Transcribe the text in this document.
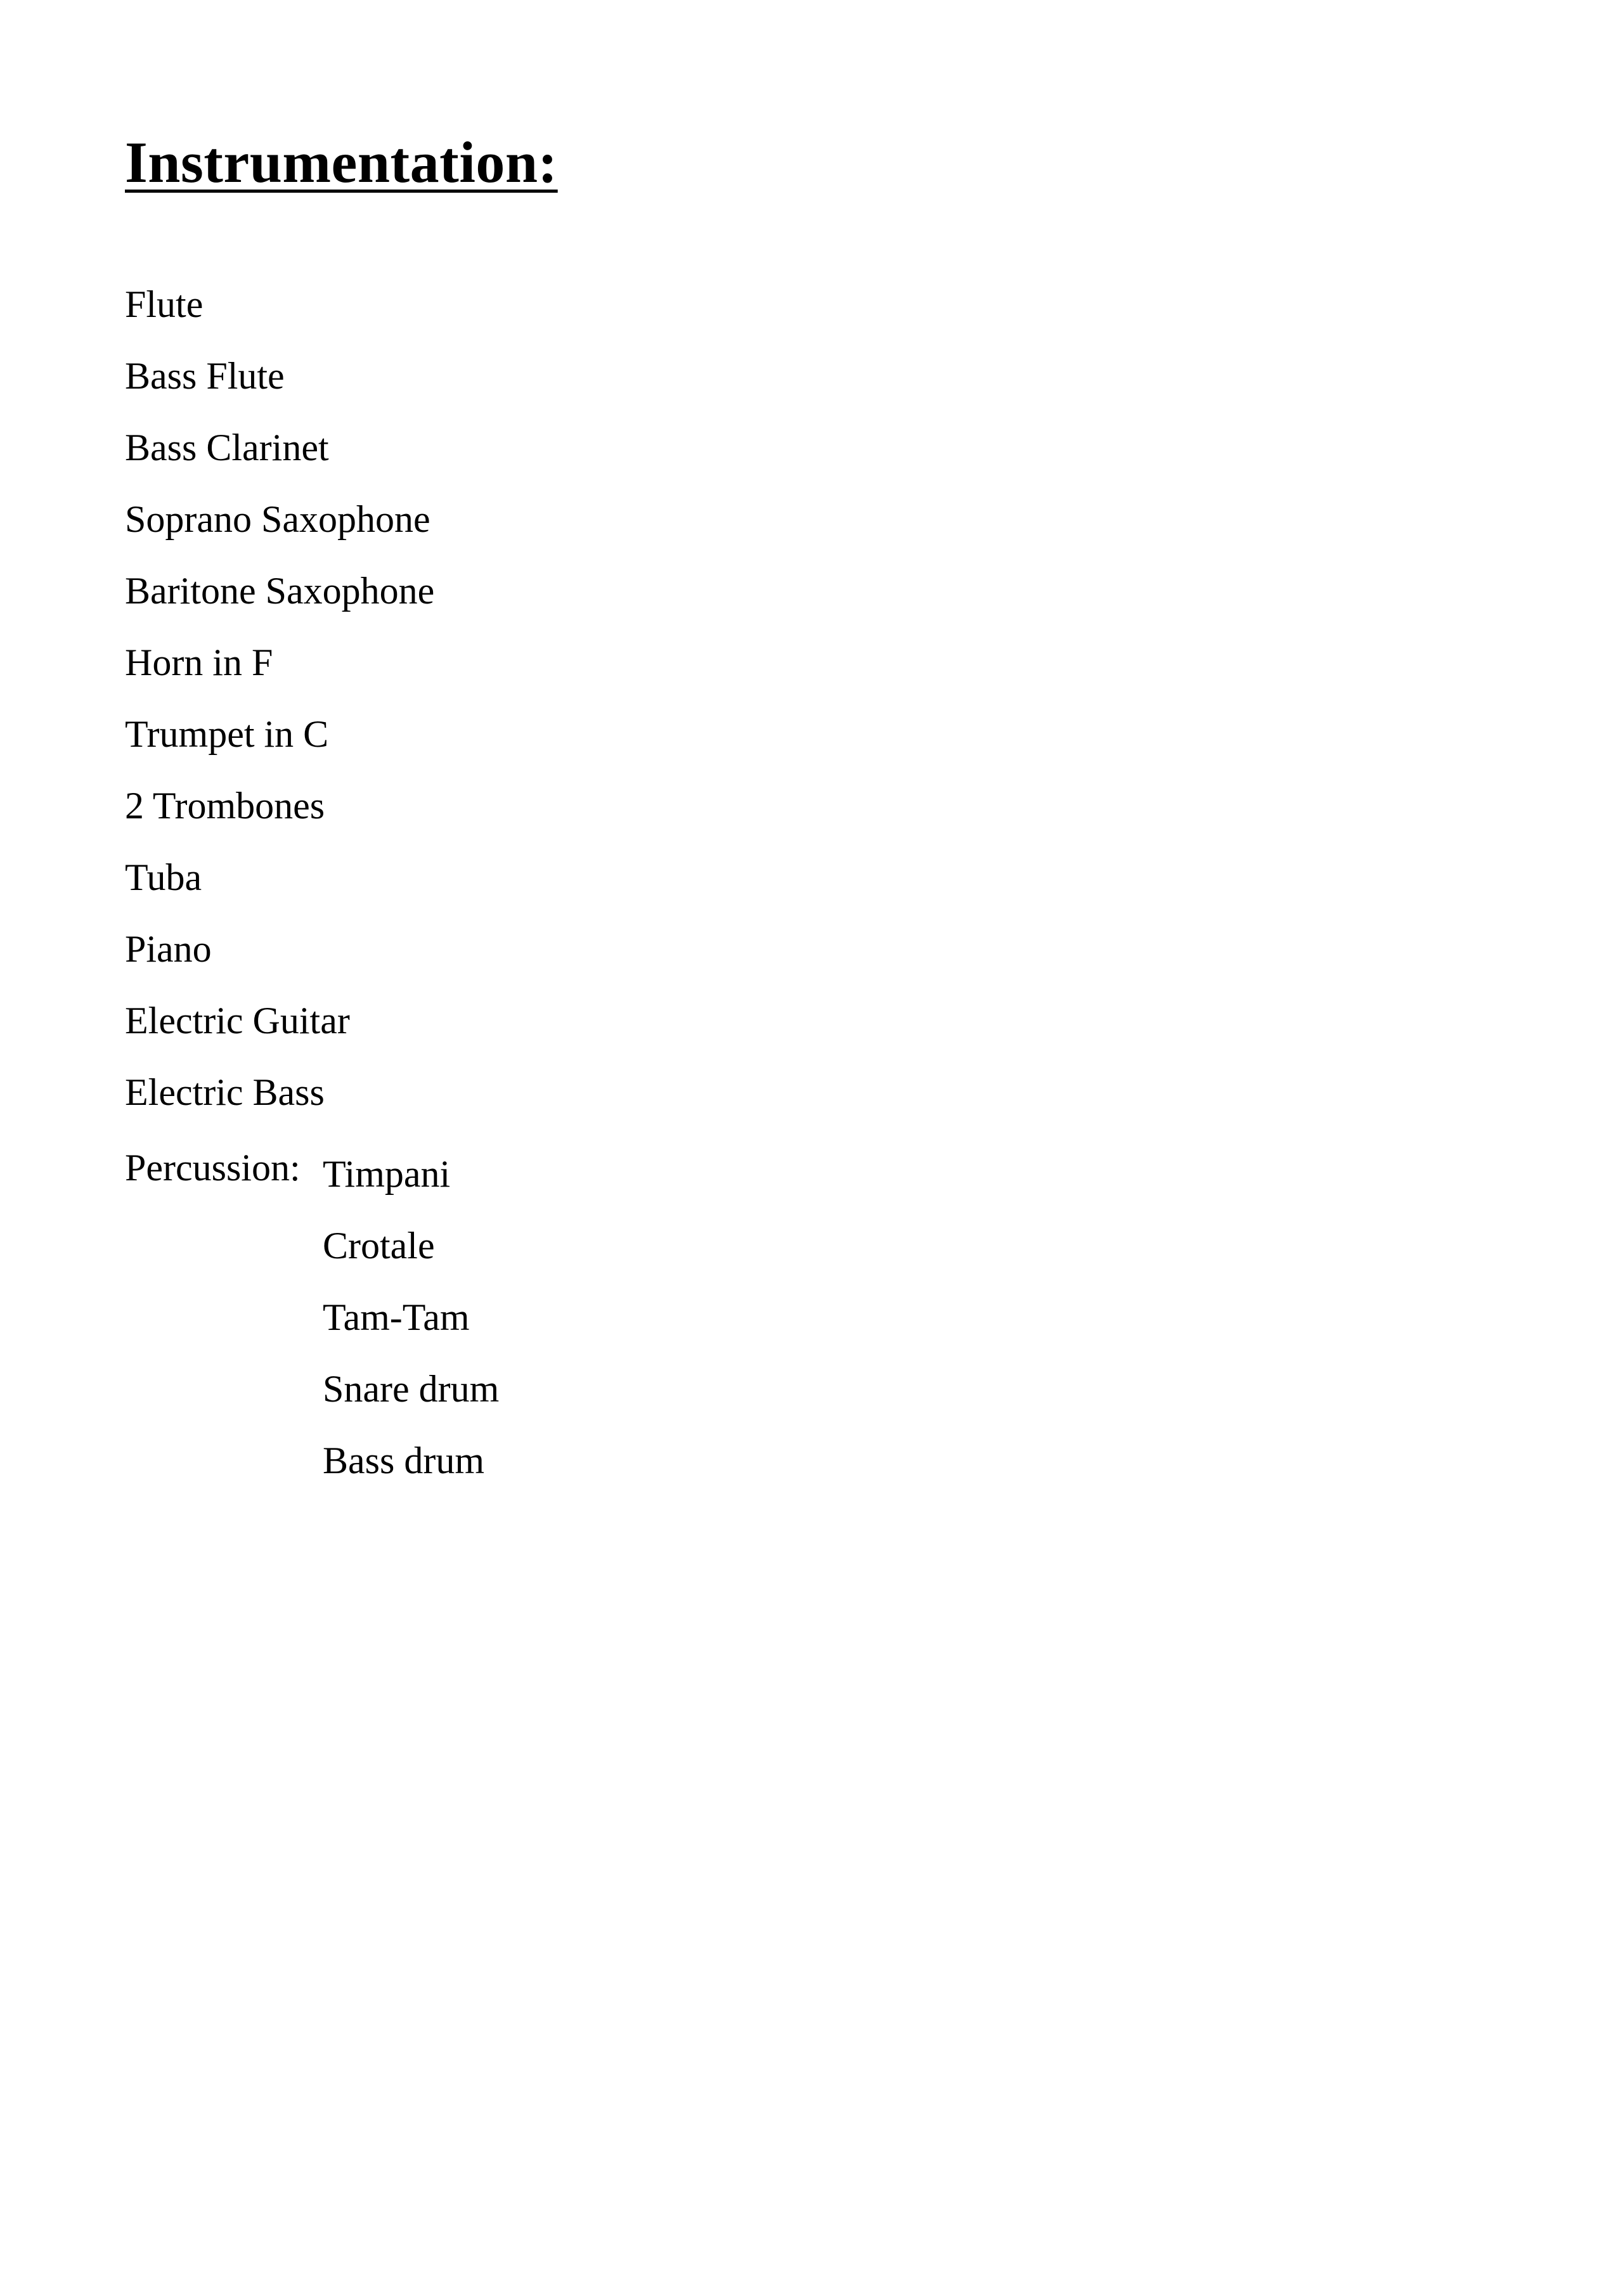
Instrumentation:
Flute
Bass Flute
Bass Clarinet
Soprano Saxophone
Baritone Saxophone
Horn in F
Trumpet in C
2 Trombones
Tuba
Piano
Electric Guitar
Electric Bass
Percussion: Timpani
Crotale
Tam-Tam
Snare drum
Bass drum
